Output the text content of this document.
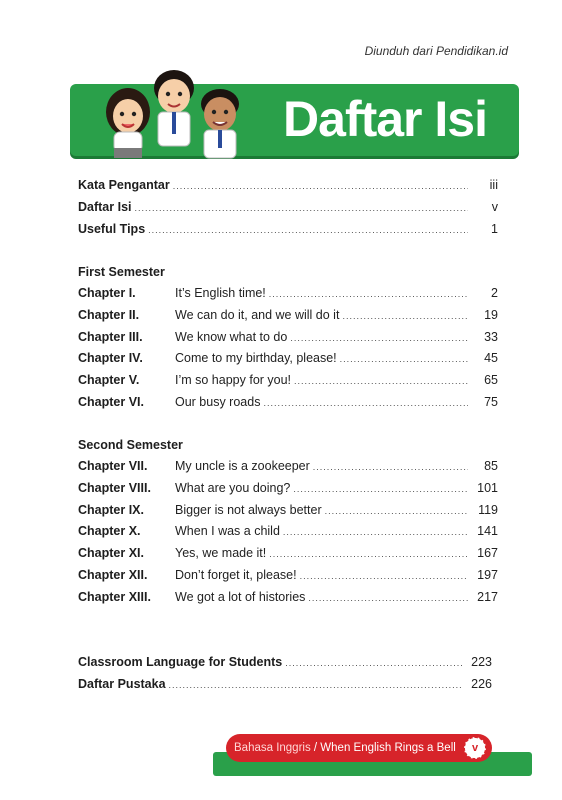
Diunduh dari Pendidikan.id
Daftar Isi
Kata Pengantar .....	iii
Daftar Isi .....	v
Useful Tips .....	1
First Semester
Chapter I.	It’s English time! .....	2
Chapter II.	We can do it, and we will do it .....	19
Chapter III.	We know what to do .....	33
Chapter IV.	Come to my birthday, please! .....	45
Chapter V.	I’m so happy for you! .....	65
Chapter VI.	Our busy roads .....	75
Second Semester
Chapter VII.	My uncle is a zookeeper .....	85
Chapter VIII.	What are you doing? .....	101
Chapter IX.	Bigger is not always better .....	119
Chapter X.	When I was a child .....	141
Chapter XI.	Yes, we made it! .....	167
Chapter XII.	Don’t forget it, please! .....	197
Chapter XIII.	We got a lot of histories .....	217
Classroom Language for Students .....	223
Daftar Pustaka .....	226
Bahasa Inggris / When English Rings a Bell	v
